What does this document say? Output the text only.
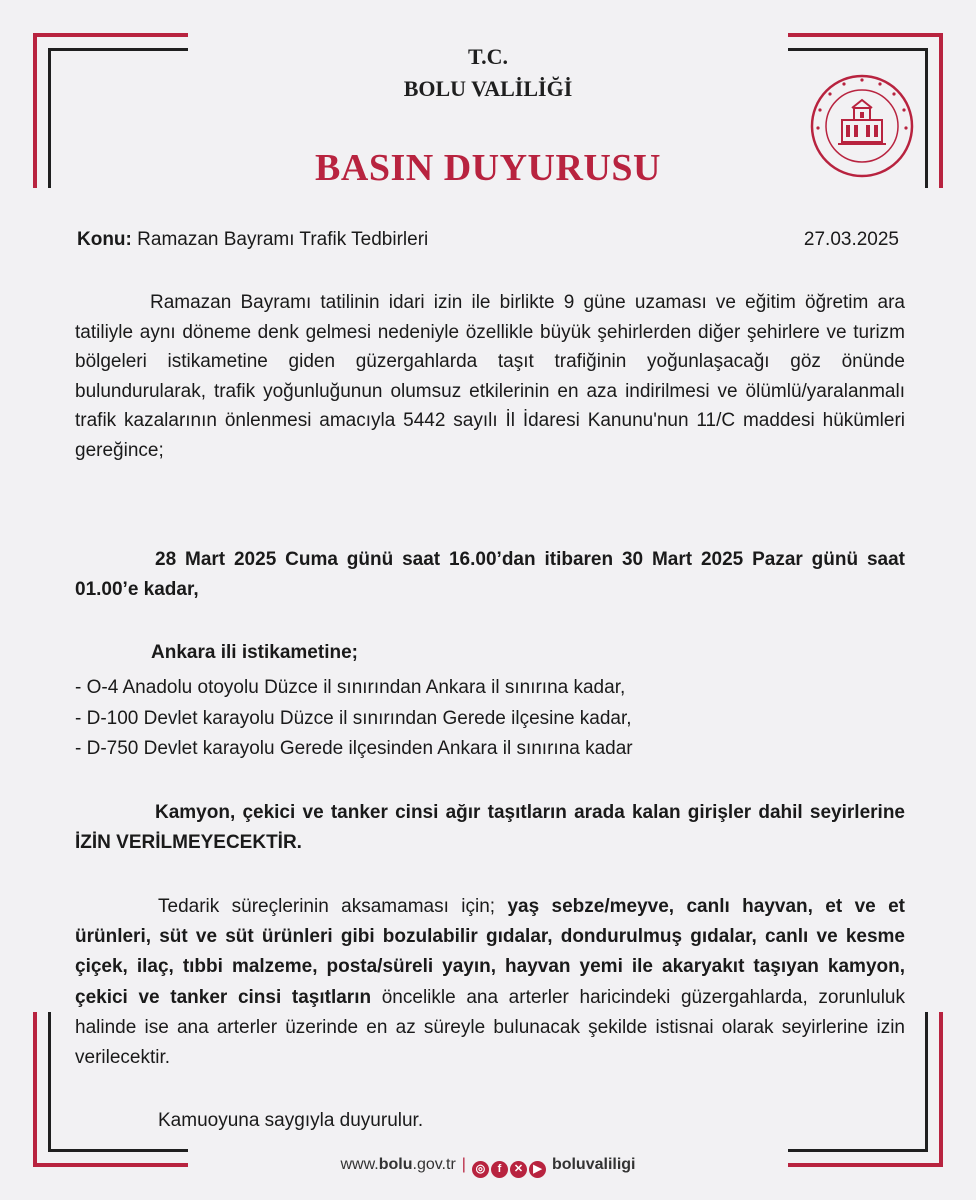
T.C.
BOLU VALİLİĞİ
BASIN DUYURUSU
Konu: Ramazan Bayramı Trafik Tedbirleri	27.03.2025
Ramazan Bayramı tatilinin idari izin ile birlikte 9 güne uzaması ve eğitim öğretim ara tatiliyle aynı döneme denk gelmesi nedeniyle özellikle büyük şehirlerden diğer şehirlere ve turizm bölgeleri istikametine giden güzergahlarda taşıt trafiğinin yoğunlaşacağı göz önünde bulundurularak, trafik yoğunluğunun olumsuz etkilerinin en aza indirilmesi ve ölümlü/yaralanmalı trafik kazalarının önlenmesi amacıyla 5442 sayılı İl İdaresi Kanunu'nun 11/C maddesi hükümleri gereğince;
28 Mart 2025 Cuma günü saat 16.00’dan itibaren 30 Mart 2025 Pazar günü saat 01.00’e kadar,
Ankara ili istikametine;
- O-4 Anadolu otoyolu Düzce il sınırından Ankara il sınırına kadar,
- D-100 Devlet karayolu Düzce il sınırından Gerede ilçesine kadar,
- D-750 Devlet karayolu Gerede ilçesinden Ankara il sınırına kadar
Kamyon, çekici ve tanker cinsi ağır taşıtların arada kalan girişler dahil seyirlerine İZİN VERİLMEYECEKTİR.
Tedarik süreçlerinin aksamaması için; yaş sebze/meyve, canlı hayvan, et ve et ürünleri, süt ve süt ürünleri gibi bozulabilir gıdalar, dondurulmuş gıdalar, canlı ve kesme çiçek, ilaç, tıbbi malzeme, posta/süreli yayın, hayvan yemi ile akaryakıt taşıyan kamyon, çekici ve tanker cinsi taşıtların öncelikle ana arterler haricindeki güzergahlarda, zorunluluk halinde ise ana arterler üzerinde en az süreyle bulunacak şekilde istisnai olarak seyirlerine izin verilecektir.
Kamuoyuna saygıyla duyurulur.
www.bolu.gov.tr | ◎ f ✕ ▶ boluvaliligi
